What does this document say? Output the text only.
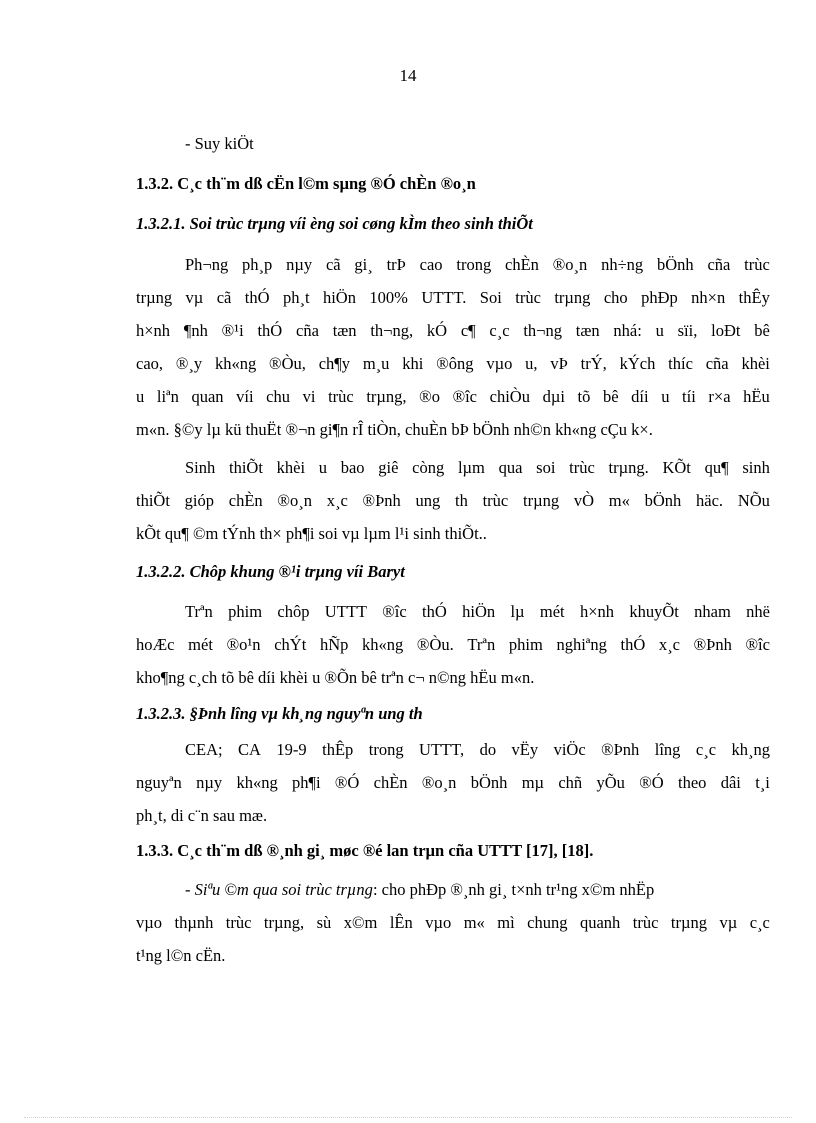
14
- Suy kiÖt
1.3.2. C¸c th¨m dß cËn l©m sµng ®Ó chÈn ®o¸n
1.3.2.1. Soi trùc trµng víi èng soi cøng kÌm theo sinh thiÕt
Ph¬ng ph¸p nµy cã gi¸ trÞ cao trong chÈn ®o¸n nh÷ng bÖnh cña trùc
trµng vµ cã thÓ ph¸t hiÖn 100% UTTT. Soi trùc trµng cho phÐp nh×n thÊy
h×nh ¶nh ®¹i thÓ cña tæn th¬ng, kÓ c¶ c¸c th¬ng tæn nhá: u sïi, loÐt bê
cao, ®¸y kh«ng ®Òu, ch¶y m¸u khi ®ông vµo u, vÞ trÝ, kÝch thíc cña khèi
u liªn quan víi chu vi trùc trµng, ®o ®îc chiÒu dµi tõ bê díi u tíi r×a hËu
m«n. §©y lµ kü thuËt ®¬n gi¶n rÎ tiÒn, chuÈn bÞ bÖnh nh©n kh«ng cÇu k×.
Sinh thiÕt khèi u bao giê còng lµm qua soi trùc trµng. KÕt qu¶ sinh
thiÕt gióp chÈn ®o¸n x¸c ®Þnh ung th trùc trµng vÒ m« bÖnh häc. NÕu
kÕt qu¶ ©m tÝnh th× ph¶i soi vµ lµm l¹i sinh thiÕt..
1.3.2.2. Chôp khung ®¹i trµng víi Baryt
Trªn phim chôp UTTT ®îc thÓ hiÖn lµ mét h×nh khuyÕt nham nhë
hoÆc mét ®o¹n chÝt hÑp kh«ng ®Òu. Trªn phim nghiªng thÓ x¸c ®Þnh ®îc
kho¶ng c¸ch tõ bê díi khèi u ®Õn bê trªn c¬ n©ng hËu m«n.
1.3.2.3. §Þnh lîng vµ kh¸ng nguyªn ung th
CEA; CA 19-9 thÊp trong UTTT, do vËy viÖc ®Þnh lîng c¸c kh¸ng
nguyªn nµy kh«ng ph¶i ®Ó chÈn ®o¸n bÖnh mµ chñ yÕu ®Ó theo dâi t¸i
ph¸t, di c¨n sau mæ.
1.3.3. C¸c th¨m dß ®¸nh gi¸ møc ®é lan trµn cña UTTT [17], [18].
- Siªu ©m qua soi trùc trµng: cho phÐp ®¸nh gi¸ t×nh tr¹ng x©m nhËp
vµo thµnh trùc trµng, sù x©m lÊn vµo m« mì chung quanh trùc trµng vµ c¸c
t¹ng l©n cËn.
